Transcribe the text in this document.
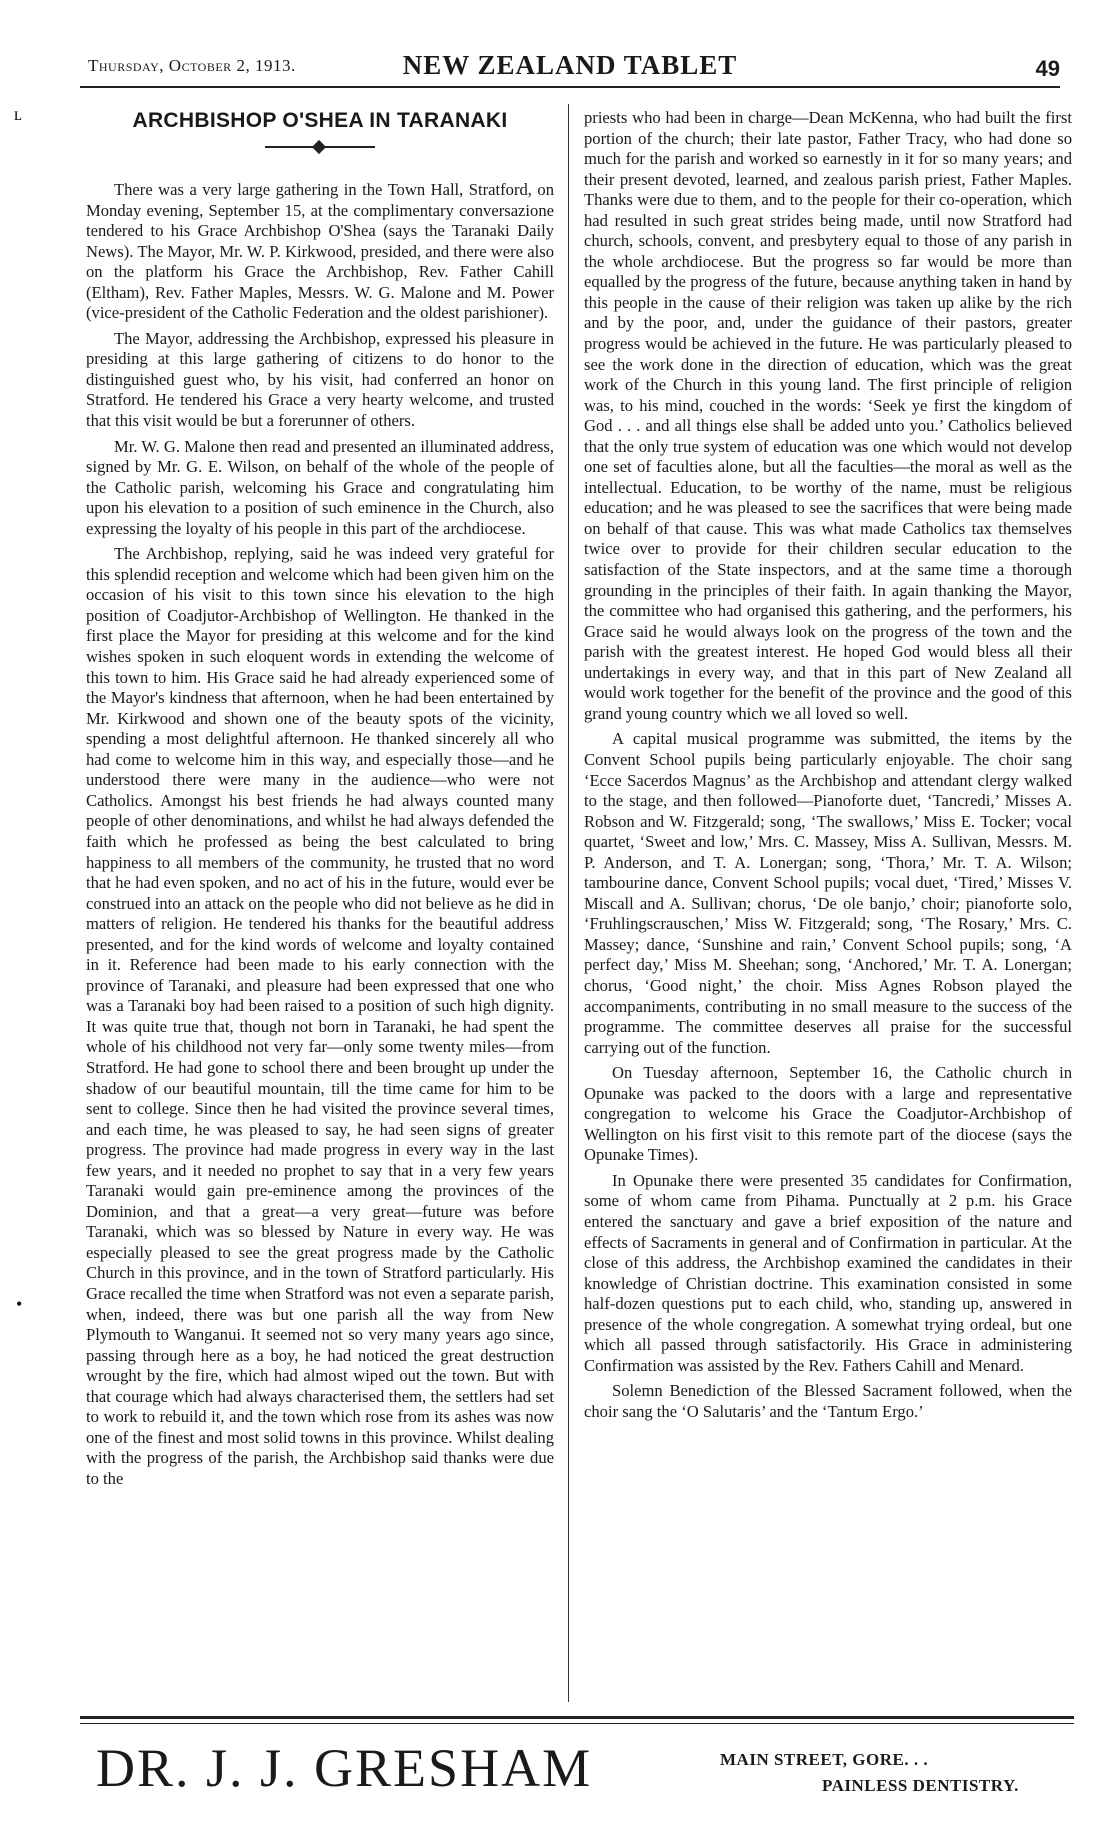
Thursday, October 2, 1913.	NEW ZEALAND TABLET	49
ʟ
•
ARCHBISHOP O'SHEA IN TARANAKI

There was a very large gathering in the Town Hall, Stratford, on Monday evening, September 15, at the complimentary conversazione tendered to his Grace Archbishop O'Shea (says the Taranaki Daily News). The Mayor, Mr. W. P. Kirkwood, presided, and there were also on the platform his Grace the Archbishop, Rev. Father Cahill (Eltham), Rev. Father Maples, Messrs. W. G. Malone and M. Power (vice-president of the Catholic Federation and the oldest parishioner).

The Mayor, addressing the Archbishop, expressed his pleasure in presiding at this large gathering of citizens to do honor to the distinguished guest who, by his visit, had conferred an honor on Stratford. He tendered his Grace a very hearty welcome, and trusted that this visit would be but a forerunner of others.

Mr. W. G. Malone then read and presented an illuminated address, signed by Mr. G. E. Wilson, on behalf of the whole of the people of the Catholic parish, welcoming his Grace and congratulating him upon his elevation to a position of such eminence in the Church, also expressing the loyalty of his people in this part of the archdiocese.

The Archbishop, replying, said he was indeed very grateful for this splendid reception and welcome which had been given him on the occasion of his visit to this town since his elevation to the high position of Coadjutor-Archbishop of Wellington. He thanked in the first place the Mayor for presiding at this welcome and for the kind wishes spoken in such eloquent words in extending the welcome of this town to him. His Grace said he had already experienced some of the Mayor's kindness that afternoon, when he had been entertained by Mr. Kirkwood and shown one of the beauty spots of the vicinity, spending a most delightful afternoon. He thanked sincerely all who had come to welcome him in this way, and especially those—and he understood there were many in the audience—who were not Catholics. Amongst his best friends he had always counted many people of other denominations, and whilst he had always defended the faith which he professed as being the best calculated to bring happiness to all members of the community, he trusted that no word that he had even spoken, and no act of his in the future, would ever be construed into an attack on the people who did not believe as he did in matters of religion. He tendered his thanks for the beautiful address presented, and for the kind words of welcome and loyalty contained in it. Reference had been made to his early connection with the province of Taranaki, and pleasure had been expressed that one who was a Taranaki boy had been raised to a position of such high dignity. It was quite true that, though not born in Taranaki, he had spent the whole of his childhood not very far—only some twenty miles—from Stratford. He had gone to school there and been brought up under the shadow of our beautiful mountain, till the time came for him to be sent to college. Since then he had visited the province several times, and each time, he was pleased to say, he had seen signs of greater progress. The province had made progress in every way in the last few years, and it needed no prophet to say that in a very few years Taranaki would gain pre-eminence among the provinces of the Dominion, and that a great—a very great—future was before Taranaki, which was so blessed by Nature in every way. He was especially pleased to see the great progress made by the Catholic Church in this province, and in the town of Stratford particularly. His Grace recalled the time when Stratford was not even a separate parish, when, indeed, there was but one parish all the way from New Plymouth to Wanganui. It seemed not so very many years ago since, passing through here as a boy, he had noticed the great destruction wrought by the fire, which had almost wiped out the town. But with that courage which had always characterised them, the settlers had set to work to rebuild it, and the town which rose from its ashes was now one of the finest and most solid towns in this province. Whilst dealing with the progress of the parish, the Archbishop said thanks were due to the

priests who had been in charge—Dean McKenna, who had built the first portion of the church; their late pastor, Father Tracy, who had done so much for the parish and worked so earnestly in it for so many years; and their present devoted, learned, and zealous parish priest, Father Maples. Thanks were due to them, and to the people for their co-operation, which had resulted in such great strides being made, until now Stratford had church, schools, convent, and presbytery equal to those of any parish in the whole archdiocese. But the progress so far would be more than equalled by the progress of the future, because anything taken in hand by this people in the cause of their religion was taken up alike by the rich and by the poor, and, under the guidance of their pastors, greater progress would be achieved in the future. He was particularly pleased to see the work done in the direction of education, which was the great work of the Church in this young land. The first principle of religion was, to his mind, couched in the words: ‘Seek ye first the kingdom of God . . . and all things else shall be added unto you.’ Catholics believed that the only true system of education was one which would not develop one set of faculties alone, but all the faculties—the moral as well as the intellectual. Education, to be worthy of the name, must be religious education; and he was pleased to see the sacrifices that were being made on behalf of that cause. This was what made Catholics tax themselves twice over to provide for their children secular education to the satisfaction of the State inspectors, and at the same time a thorough grounding in the principles of their faith. In again thanking the Mayor, the committee who had organised this gathering, and the performers, his Grace said he would always look on the progress of the town and the parish with the greatest interest. He hoped God would bless all their undertakings in every way, and that in this part of New Zealand all would work together for the benefit of the province and the good of this grand young country which we all loved so well.

A capital musical programme was submitted, the items by the Convent School pupils being particularly enjoyable. The choir sang ‘Ecce Sacerdos Magnus’ as the Archbishop and attendant clergy walked to the stage, and then followed—Pianoforte duet, ‘Tancredi,’ Misses A. Robson and W. Fitzgerald; song, ‘The swallows,’ Miss E. Tocker; vocal quartet, ‘Sweet and low,’ Mrs. C. Massey, Miss A. Sullivan, Messrs. M. P. Anderson, and T. A. Lonergan; song, ‘Thora,’ Mr. T. A. Wilson; tambourine dance, Convent School pupils; vocal duet, ‘Tired,’ Misses V. Miscall and A. Sullivan; chorus, ‘De ole banjo,’ choir; pianoforte solo, ‘Fruhlingscrauschen,’ Miss W. Fitzgerald; song, ‘The Rosary,’ Mrs. C. Massey; dance, ‘Sunshine and rain,’ Convent School pupils; song, ‘A perfect day,’ Miss M. Sheehan; song, ‘Anchored,’ Mr. T. A. Lonergan; chorus, ‘Good night,’ the choir. Miss Agnes Robson played the accompaniments, contributing in no small measure to the success of the programme. The committee deserves all praise for the successful carrying out of the function.

On Tuesday afternoon, September 16, the Catholic church in Opunake was packed to the doors with a large and representative congregation to welcome his Grace the Coadjutor-Archbishop of Wellington on his first visit to this remote part of the diocese (says the Opunake Times).

In Opunake there were presented 35 candidates for Confirmation, some of whom came from Pihama. Punctually at 2 p.m. his Grace entered the sanctuary and gave a brief exposition of the nature and effects of Sacraments in general and of Confirmation in particular. At the close of this address, the Archbishop examined the candidates in their knowledge of Christian doctrine. This examination consisted in some half-dozen questions put to each child, who, standing up, answered in presence of the whole congregation. A somewhat trying ordeal, but one which all passed through satisfactorily. His Grace in administering Confirmation was assisted by the Rev. Fathers Cahill and Menard.

Solemn Benediction of the Blessed Sacrament followed, when the choir sang the ‘O Salutaris’ and the ‘Tantum Ergo.’

DR. J. J. GRESHAM	MAIN STREET, GORE. . .
PAINLESS DENTISTRY.
